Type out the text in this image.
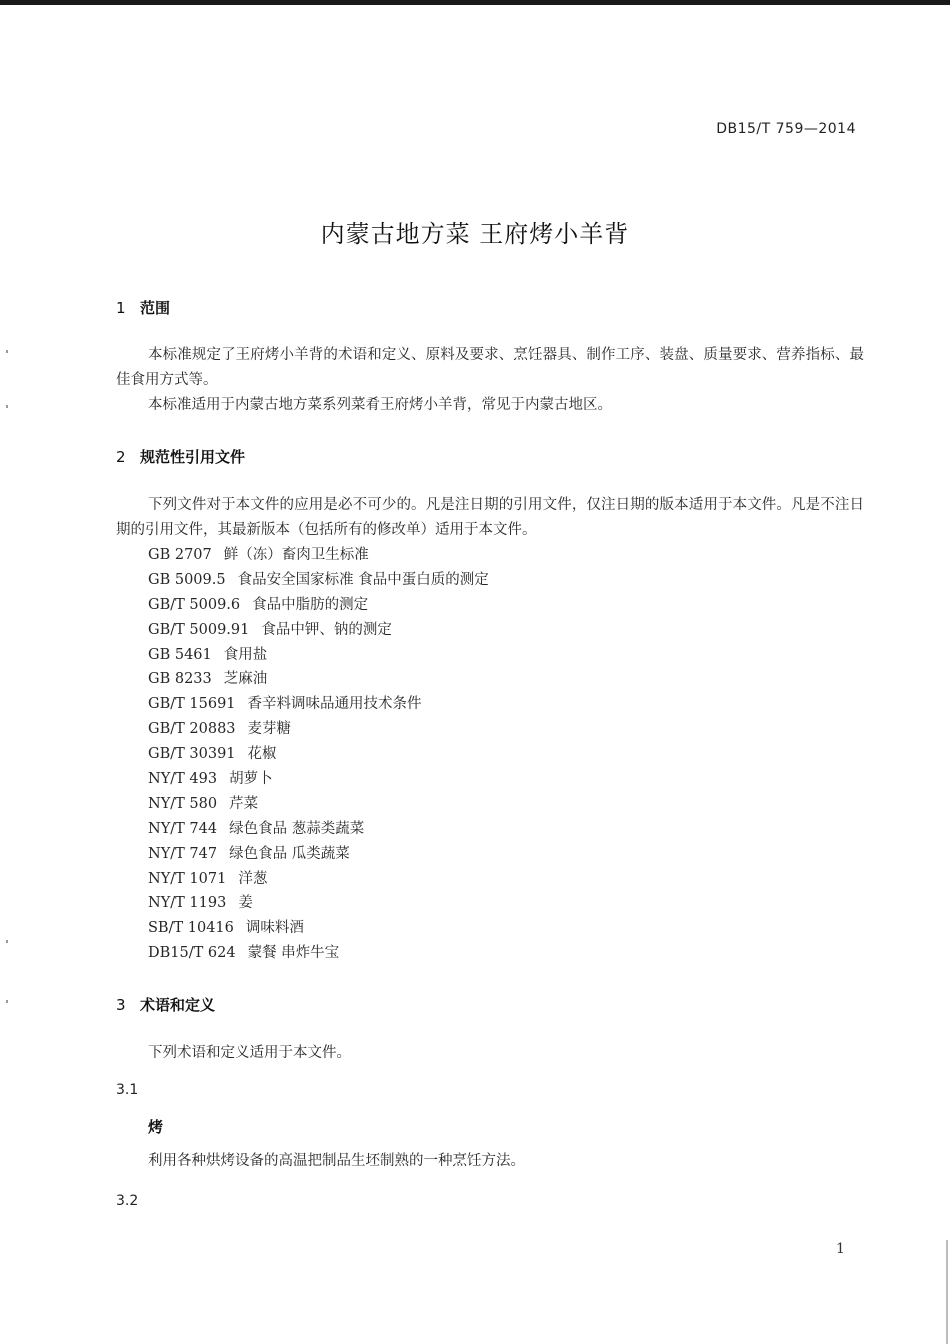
DB15/T 759—2014
内蒙古地方菜 王府烤小羊背
1 范围
本标准规定了王府烤小羊背的术语和定义、原料及要求、烹饪器具、制作工序、装盘、质量要求、营养指标、最佳食用方式等。
本标准适用于内蒙古地方菜系列菜肴王府烤小羊背，常见于内蒙古地区。
2 规范性引用文件
下列文件对于本文件的应用是必不可少的。凡是注日期的引用文件，仅注日期的版本适用于本文件。凡是不注日期的引用文件，其最新版本（包括所有的修改单）适用于本文件。
GB 2707 鲜（冻）畜肉卫生标准
GB 5009.5 食品安全国家标准 食品中蛋白质的测定
GB/T 5009.6 食品中脂肪的测定
GB/T 5009.91 食品中钾、钠的测定
GB 5461 食用盐
GB 8233 芝麻油
GB/T 15691 香辛料调味品通用技术条件
GB/T 20883 麦芽糖
GB/T 30391 花椒
NY/T 493 胡萝卜
NY/T 580 芹菜
NY/T 744 绿色食品 葱蒜类蔬菜
NY/T 747 绿色食品 瓜类蔬菜
NY/T 1071 洋葱
NY/T 1193 姜
SB/T 10416 调味料酒
DB15/T 624 蒙餐 串炸牛宝
3 术语和定义
下列术语和定义适用于本文件。
3.1
烤
利用各种烘烤设备的高温把制品生坯制熟的一种烹饪方法。
3.2
1
